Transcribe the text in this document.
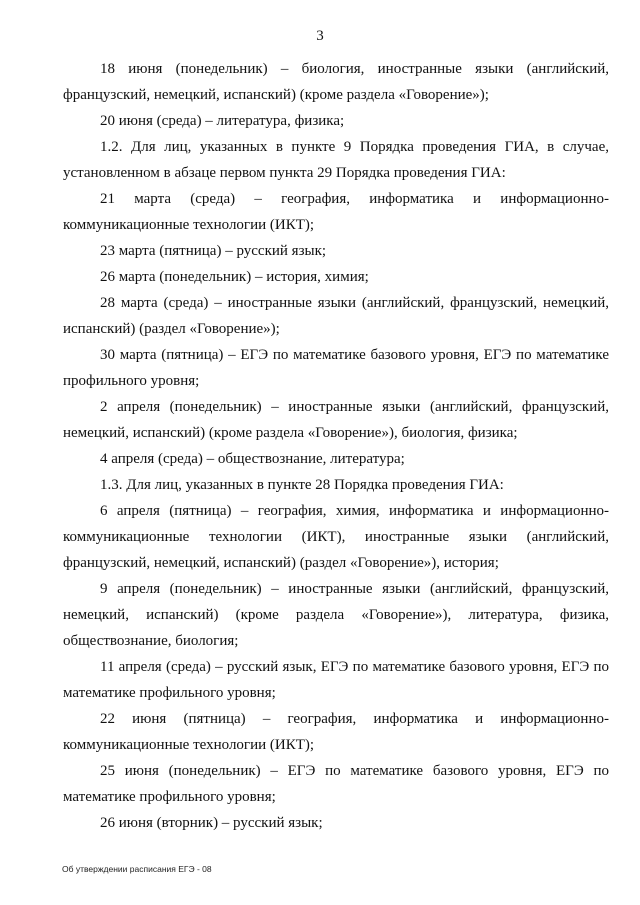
3

18 июня (понедельник) – биология, иностранные языки (английский, французский, немецкий, испанский) (кроме раздела «Говорение»);

20 июня (среда) – литература, физика;

1.2. Для лиц, указанных в пункте 9 Порядка проведения ГИА, в случае, установленном в абзаце первом пункта 29 Порядка проведения ГИА:

21 марта (среда) – география, информатика и информационно-коммуникационные технологии (ИКТ);

23 марта (пятница) – русский язык;

26 марта (понедельник) – история, химия;

28 марта (среда) – иностранные языки (английский, французский, немецкий, испанский) (раздел «Говорение»);

30 марта (пятница) – ЕГЭ по математике базового уровня, ЕГЭ по математике профильного уровня;

2 апреля (понедельник) – иностранные языки (английский, французский, немецкий, испанский) (кроме раздела «Говорение»), биология, физика;

4 апреля (среда) – обществознание, литература;

1.3. Для лиц, указанных в пункте 28 Порядка проведения ГИА:

6 апреля (пятница) – география, химия, информатика и информационно-коммуникационные технологии (ИКТ), иностранные языки (английский, французский, немецкий, испанский) (раздел «Говорение»), история;

9 апреля (понедельник) – иностранные языки (английский, французский, немецкий, испанский) (кроме раздела «Говорение»), литература, физика, обществознание, биология;

11 апреля (среда) – русский язык, ЕГЭ по математике базового уровня, ЕГЭ по математике профильного уровня;

22 июня (пятница) – география, информатика и информационно-коммуникационные технологии (ИКТ);

25 июня (понедельник) – ЕГЭ по математике базового уровня, ЕГЭ по математике профильного уровня;

26 июня (вторник) – русский язык;

Об утверждении расписания ЕГЭ - 08
